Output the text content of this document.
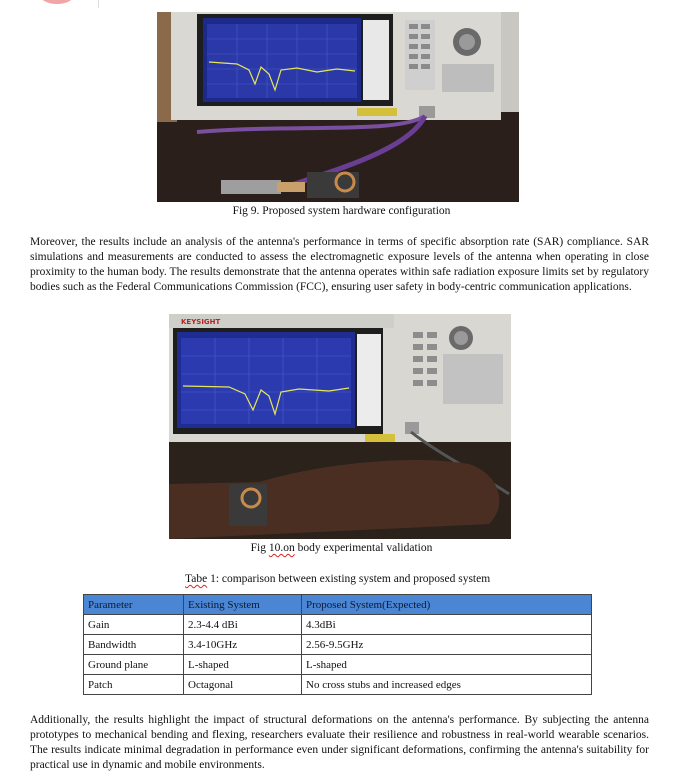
Fig 9. Proposed system hardware configuration

Moreover, the results include an analysis of the antenna's performance in terms of specific absorption rate (SAR) compliance. SAR simulations and measurements are conducted to assess the electromagnetic exposure levels of the antenna when operating in close proximity to the human body. The results demonstrate that the antenna operates within safe radiation exposure limits set by regulatory bodies such as the Federal Communications Commission (FCC), ensuring user safety in body-centric communication applications.

KEYSIGHT
Fig 10.on body experimental validation
Tabe 1: comparison between existing system and proposed system
Parameter	Existing System	Proposed System(Expected)
Gain	2.3-4.4 dBi	4.3dBi
Bandwidth	3.4-10GHz	2.56-9.5GHz
Ground plane	L-shaped	L-shaped
Patch	Octagonal	No cross stubs and increased edges

Additionally, the results highlight the impact of structural deformations on the antenna's performance. By subjecting the antenna prototypes to mechanical bending and flexing, researchers evaluate their resilience and robustness in real-world wearable scenarios. The results indicate minimal degradation in performance even under significant deformations, confirming the antenna's suitability for practical use in dynamic and mobile environments.
